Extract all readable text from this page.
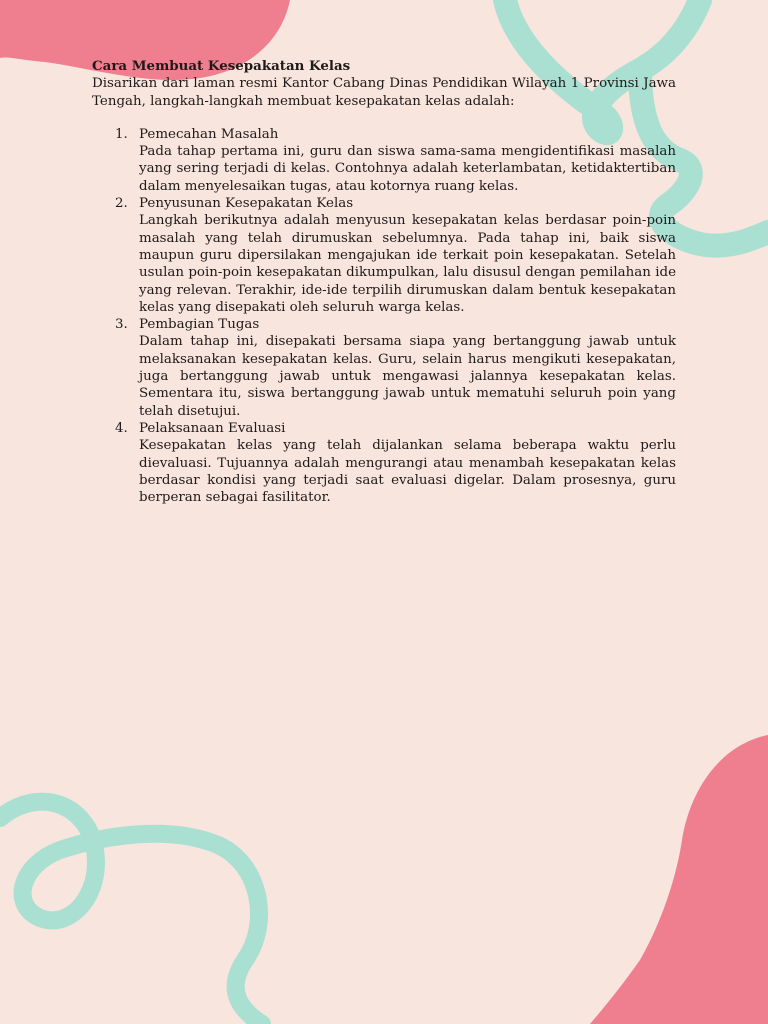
Cara Membuat Kesepakatan Kelas

Disarikan dari laman resmi Kantor Cabang Dinas Pendidikan Wilayah 1 Provinsi Jawa Tengah, langkah-langkah membuat kesepakatan kelas adalah:

1. Pemecahan Masalah
Pada tahap pertama ini, guru dan siswa sama-sama mengidentifikasi masalah yang sering terjadi di kelas. Contohnya adalah keterlambatan, ketidaktertiban dalam menyelesaikan tugas, atau kotornya ruang kelas.
2. Penyusunan Kesepakatan Kelas
Langkah berikutnya adalah menyusun kesepakatan kelas berdasar poin-poin masalah yang telah dirumuskan sebelumnya. Pada tahap ini, baik siswa maupun guru dipersilakan mengajukan ide terkait poin kesepakatan. Setelah usulan poin-poin kesepakatan dikumpulkan, lalu disusul dengan pemilahan ide yang relevan. Terakhir, ide-ide terpilih dirumuskan dalam bentuk kesepakatan kelas yang disepakati oleh seluruh warga kelas.
3. Pembagian Tugas
Dalam tahap ini, disepakati bersama siapa yang bertanggung jawab untuk melaksanakan kesepakatan kelas. Guru, selain harus mengikuti kesepakatan, juga bertanggung jawab untuk mengawasi jalannya kesepakatan kelas. Sementara itu, siswa bertanggung jawab untuk mematuhi seluruh poin yang telah disetujui.
4. Pelaksanaan Evaluasi
Kesepakatan kelas yang telah dijalankan selama beberapa waktu perlu dievaluasi. Tujuannya adalah mengurangi atau menambah kesepakatan kelas berdasar kondisi yang terjadi saat evaluasi digelar. Dalam prosesnya, guru berperan sebagai fasilitator.
